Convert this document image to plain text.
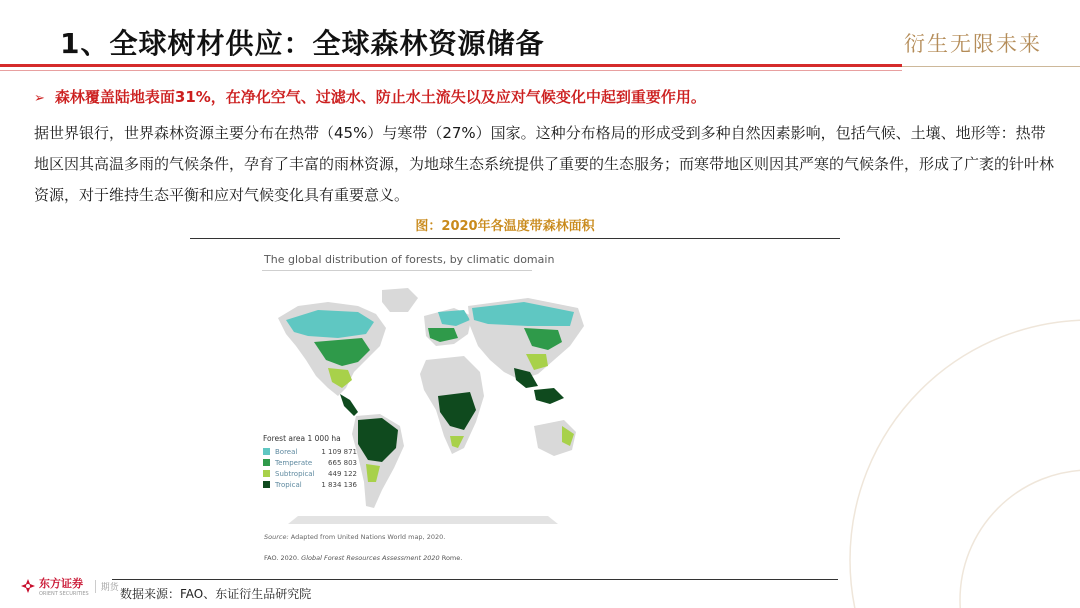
1、全球树材供应：全球森林资源储备	衍生无限未来
➢ 森林覆盖陆地表面31%，在净化空气、过滤水、防止水土流失以及应对气候变化中起到重要作用。
据世界银行，世界森林资源主要分布在热带（45%）与寒带（27%）国家。这种分布格局的形成受到多种自然因素影响，包括气候、土壤、地形等：热带地区因其高温多雨的气候条件，孕育了丰富的雨林资源，为地球生态系统提供了重要的生态服务；而寒带地区则因其严寒的气候条件，形成了广袤的针叶林资源，对于维持生态平衡和应对气候变化具有重要意义。
图：2020年各温度带森林面积
The global distribution of forests, by climatic domain
Forest area 1 000 ha
Boreal	1 109 871
Temperate	665 803
Subtropical	449 122
Tropical	1 834 136
Source: Adapted from United Nations World map, 2020.
FAO. 2020. Global Forest Resources Assessment 2020 Rome.
东方证券
ORIENT SECURITIES
期货 数据来源：FAO、东证衍生品研究院
